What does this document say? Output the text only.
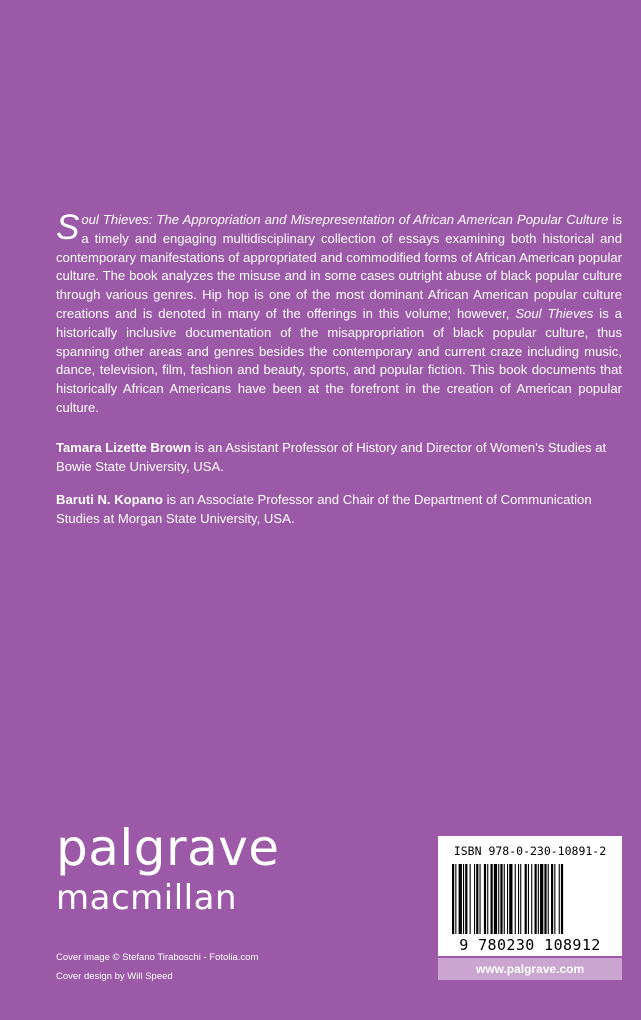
Soul Thieves: The Appropriation and Misrepresentation of African American Popular Culture is a timely and engaging multidisciplinary collection of essays examining both historical and contemporary manifestations of appropriated and commodified forms of African American popular culture. The book analyzes the misuse and in some cases outright abuse of black popular culture through various genres. Hip hop is one of the most dominant African American popular culture creations and is denoted in many of the offerings in this volume; however, Soul Thieves is a historically inclusive documentation of the misappropriation of black popular culture, thus spanning other areas and genres besides the contemporary and current craze including music, dance, television, film, fashion and beauty, sports, and popular fiction. This book documents that historically African Americans have been at the forefront in the creation of American popular culture.
Tamara Lizette Brown is an Assistant Professor of History and Director of Women’s Studies at Bowie State University, USA.
Baruti N. Kopano is an Associate Professor and Chair of the Department of Communication Studies at Morgan State University, USA.
palgrave
macmillan
Cover image © Stefano Tiraboschi - Fotolia.com
Cover design by Will Speed
ISBN 978-0-230-10891-2
9 780230 108912
www.palgrave.com
